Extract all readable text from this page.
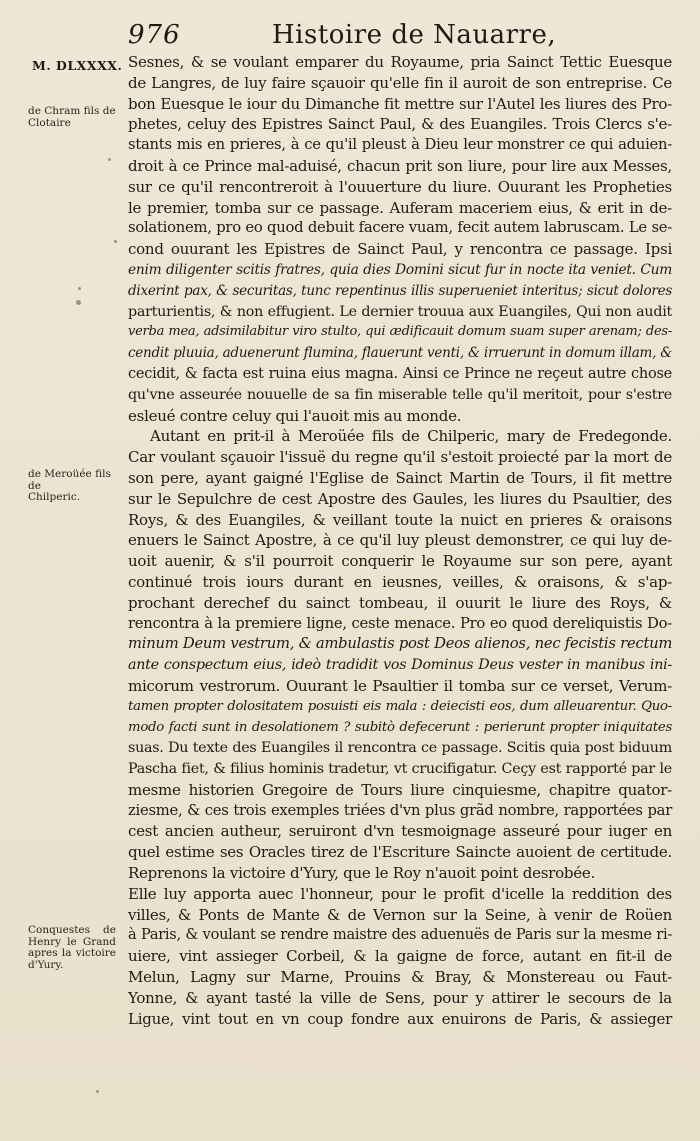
976	Histoire de Nauarre,
M. DLXXXX.
de Chram fils de
Clotaire
de Meroüée fils de
Chilperic.
Conquestes de
Henry le Grand
apres la victoire
d'Yury.
Sesnes, & se voulant emparer du Royaume, pria Sainct Tettic Euesque
de Langres, de luy faire sçauoir qu'elle fin il auroit de son entreprise. Ce
bon Euesque le iour du Dimanche fit mettre sur l'Autel les liures des Pro-
phetes, celuy des Epistres Sainct Paul, & des Euangiles. Trois Clercs s'e-
stants mis en prieres, à ce qu'il pleust à Dieu leur monstrer ce qui aduien-
droit à ce Prince mal-aduisé, chacun prit son liure, pour lire aux Messes,
sur ce qu'il rencontreroit à l'ouuerture du liure. Ouurant les Propheties
le premier, tomba sur ce passage. Auferam maceriem eius, & erit in de-
solationem, pro eo quod debuit facere vuam, fecit autem labruscam. Le se-
cond ouurant les Epistres de Sainct Paul, y rencontra ce passage. Ipsi
enim diligenter scitis fratres, quia dies Domini sicut fur in nocte ita veniet. Cum
dixerint pax, & securitas, tunc repentinus illis superueniet interitus; sicut dolores
parturientis, & non effugient. Le dernier trouua aux Euangiles, Qui non audit
verba mea, adsimilabitur viro stulto, qui ædificauit domum suam super arenam; des-
cendit pluuia, aduenerunt flumina, flauerunt venti, & irruerunt in domum illam, &
cecidit, & facta est ruina eius magna. Ainsi ce Prince ne reçeut autre chose
qu'vne asseurée nouuelle de sa fin miserable telle qu'il meritoit, pour s'estre
esleué contre celuy qui l'auoit mis au monde.
Autant en prit-il à Meroüée fils de Chilperic, mary de Fredegonde.
Car voulant sçauoir l'issuë du regne qu'il s'estoit proiecté par la mort de
son pere, ayant gaigné l'Eglise de Sainct Martin de Tours, il fit mettre
sur le Sepulchre de cest Apostre des Gaules, les liures du Psaultier, des
Roys, & des Euangiles, & veillant toute la nuict en prieres & oraisons
enuers le Sainct Apostre, à ce qu'il luy pleust demonstrer, ce qui luy de-
uoit auenir, & s'il pourroit conquerir le Royaume sur son pere, ayant
continué trois iours durant en ieusnes, veilles, & oraisons, & s'ap-
prochant derechef du sainct tombeau, il ouurit le liure des Roys, &
rencontra à la premiere ligne, ceste menace. Pro eo quod dereliquistis Do-
minum Deum vestrum, & ambulastis post Deos alienos, nec fecistis rectum
ante conspectum eius, ideò tradidit vos Dominus Deus vester in manibus ini-
micorum vestrorum. Ouurant le Psaultier il tomba sur ce verset, Verum-
tamen propter dolositatem posuisti eis mala : deiecisti eos, dum alleuarentur. Quo-
modo facti sunt in desolationem ? subitò defecerunt : perierunt propter iniquitates
suas. Du texte des Euangiles il rencontra ce passage. Scitis quia post biduum
Pascha fiet, & filius hominis tradetur, vt crucifigatur. Ceçy est rapporté par le
mesme historien Gregoire de Tours liure cinquiesme, chapitre quator-
ziesme, & ces trois exemples triées d'vn plus grãd nombre, rapportées par
cest ancien autheur, seruiront d'vn tesmoignage asseuré pour iuger en
quel estime ses Oracles tirez de l'Escriture Saincte auoient de certitude.
Reprenons la victoire d'Yury, que le Roy n'auoit point desrobée.
Elle luy apporta auec l'honneur, pour le profit d'icelle la reddition des
villes, & Ponts de Mante & de Vernon sur la Seine, à venir de Roüen
à Paris, & voulant se rendre maistre des aduenuës de Paris sur la mesme ri-
uiere, vint assieger Corbeil, & la gaigne de force, autant en fit-il de
Melun, Lagny sur Marne, Prouins & Bray, & Monstereau ou Faut-
Yonne, & ayant tasté la ville de Sens, pour y attirer le secours de la
Ligue, vint tout en vn coup fondre aux enuirons de Paris, & assieger
